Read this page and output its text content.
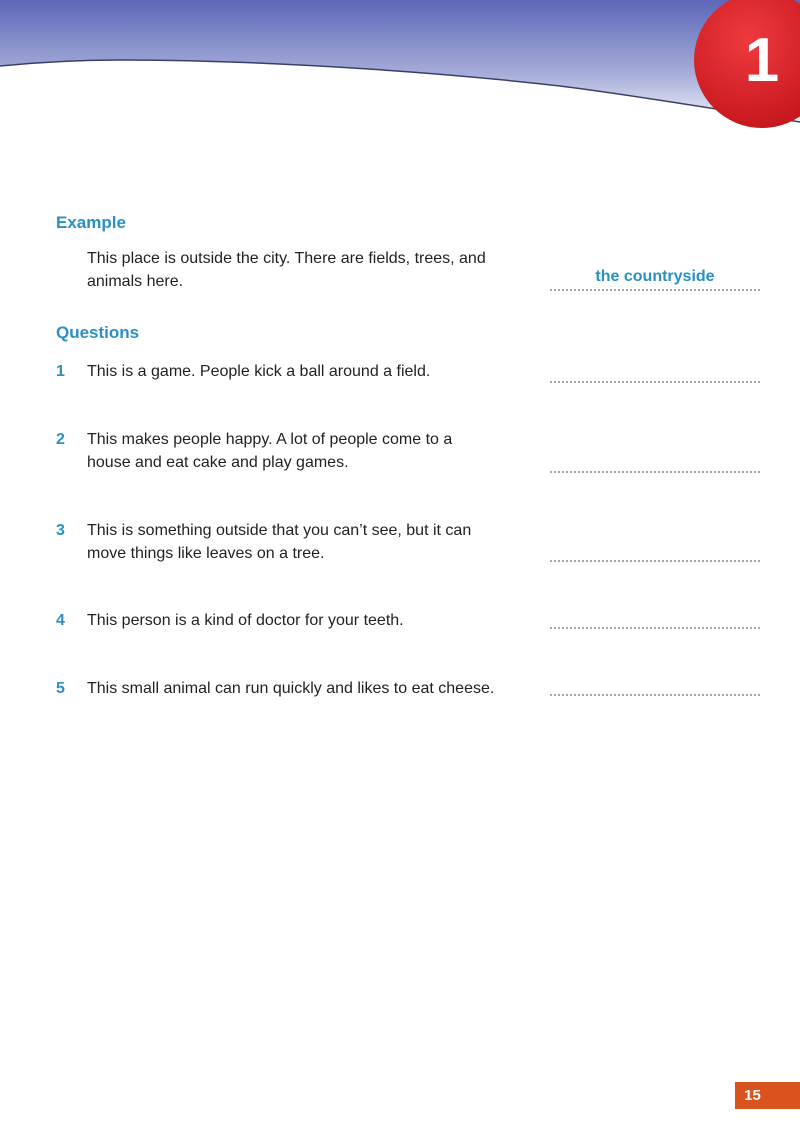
1
Example
This place is outside the city. There are fields, trees, and animals here.	the countryside
Questions
1 This is a game. People kick a ball around a field.
2 This makes people happy. A lot of people come to a house and eat cake and play games.
3 This is something outside that you can’t see, but it can move things like leaves on a tree.
4 This person is a kind of doctor for your teeth.
5 This small animal can run quickly and likes to eat cheese.
15
